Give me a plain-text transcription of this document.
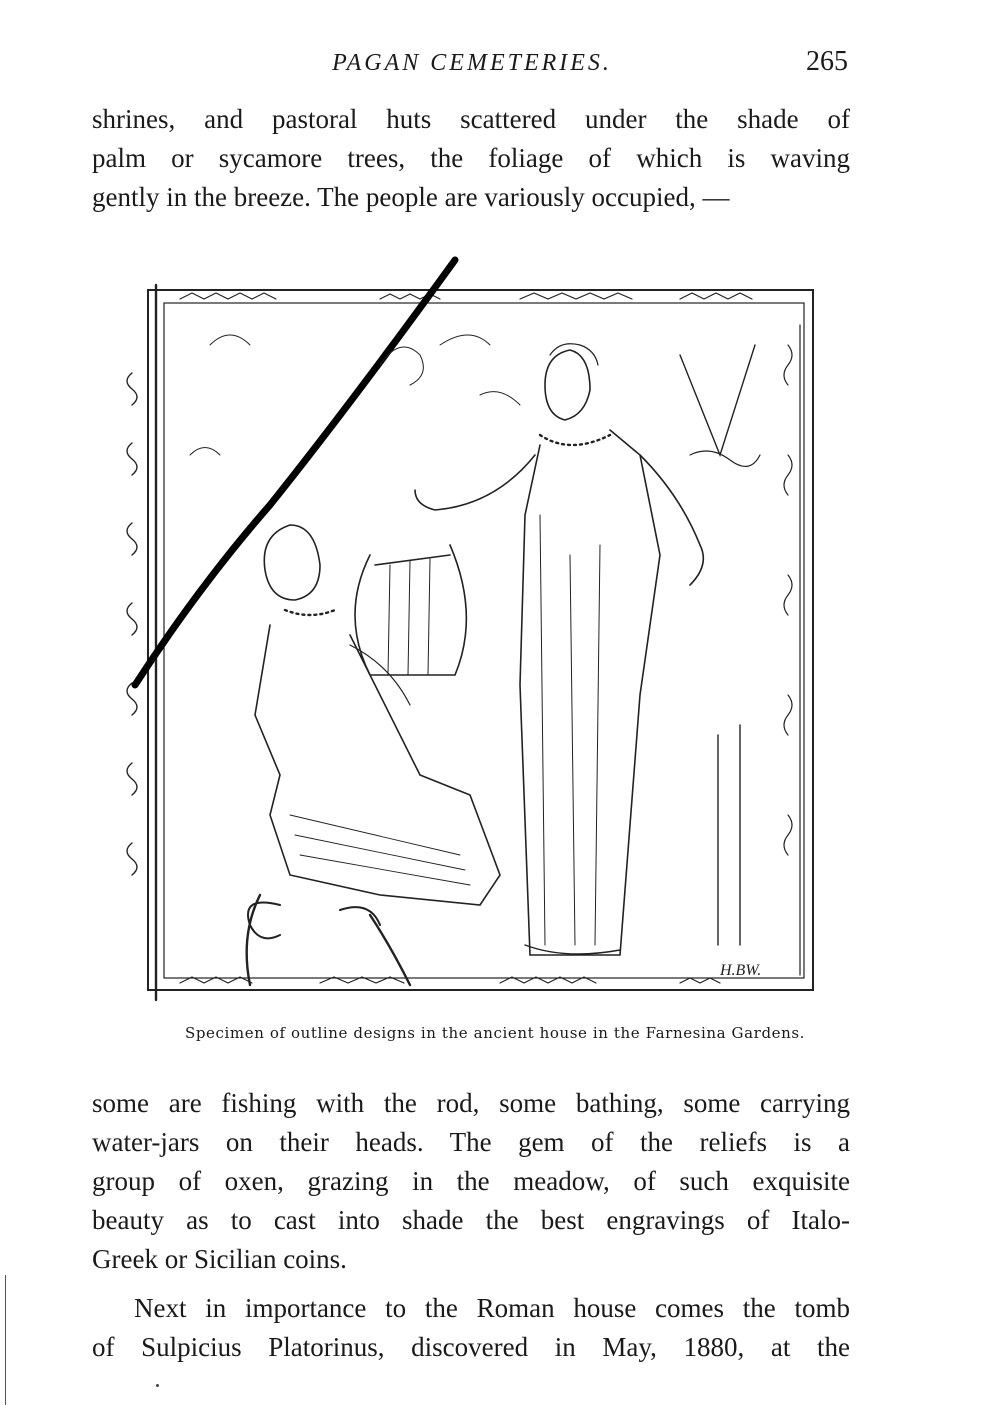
PAGAN CEMETERIES.	265
shrines, and pastoral huts scattered under the shade of
palm or sycamore trees, the foliage of which is waving
gently in the breeze. The people are variously occupied, —
H.BW.
Specimen of outline designs in the ancient house in the Farnesina Gardens.
some are fishing with the rod, some bathing, some carrying
water-jars on their heads. The gem of the reliefs is a
group of oxen, grazing in the meadow, of such exquisite
beauty as to cast into shade the best engravings of Italo-
Greek or Sicilian coins.
Next in importance to the Roman house comes the tomb
of Sulpicius Platorinus, discovered in May, 1880, at the
